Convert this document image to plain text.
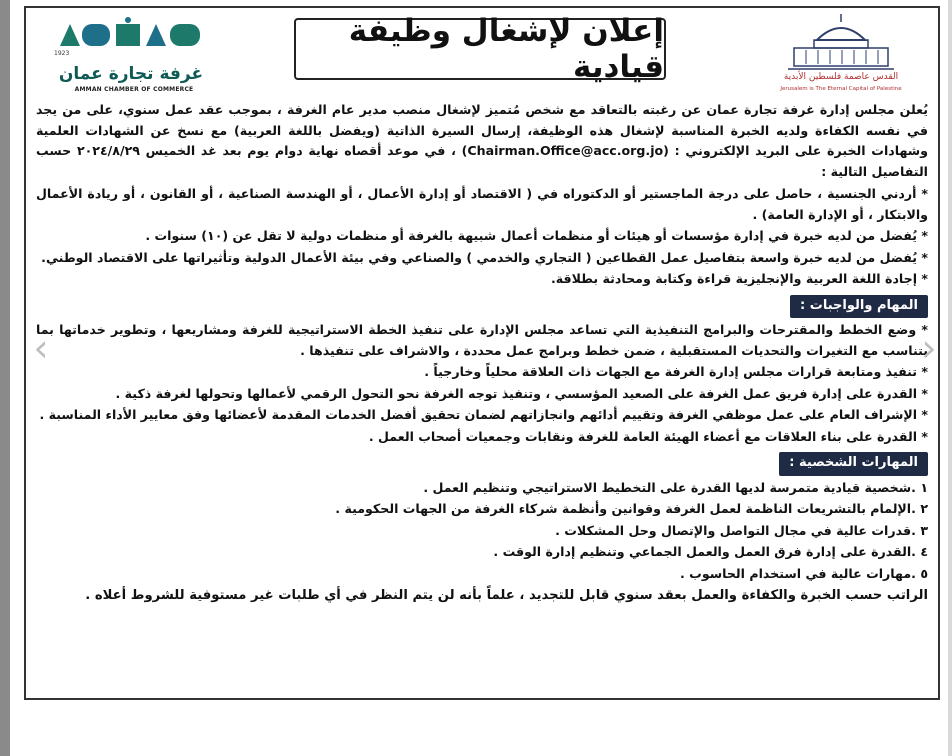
1923
غرفة تجارة عمان
AMMAN CHAMBER OF COMMERCE
إعلان لإشغال وظيفة قيادية	القدس عاصمة فلسطين الأبدية
Jerusalem is The Eternal Capital of Palestine

يُعلن مجلس إدارة غرفة تجارة عمان عن رغبته بالتعاقد مع شخص مُتميز لإشغال منصب مدير عام الغرفة ، بموجب عقد عمل سنوي، على من يجد في نفسه الكفاءة ولديه الخبرة المناسبة لإشغال هذه الوظيفة، إرسال السيرة الذاتية (ويفضل باللغة العربية) مع نسخ عن الشهادات العلمية وشهادات الخبرة على البريد الإلكتروني : (Chairman.Office@acc.org.jo) ، في موعد أقصاه نهاية دوام يوم بعد غد الخميس ٢٠٢٤/٨/٢٩ حسب التفاصيل التالية :

* أردني الجنسية ، حاصل على درجة الماجستير أو الدكتوراه في ( الاقتصاد أو إدارة الأعمال ، أو الهندسة الصناعية ، أو القانون ، أو ريادة الأعمال والابتكار ، أو الإدارة العامة) .
* يُفضل من لديه خبرة في إدارة مؤسسات أو هيئات أو منظمات أعمال شبيهة بالغرفة أو منظمات دولية لا تقل عن (١٠) سنوات .
* يُفضل من لديه خبرة واسعة بتفاصيل عمل القطاعين ( التجاري والخدمي ) والصناعي وفي بيئة الأعمال الدولية وتأثيراتها على الاقتصاد الوطني.
* إجادة اللغة العربية والإنجليزية قراءة وكتابة ومحادثة بطلاقة.
المهام والواجبات :
* وضع الخطط والمقترحات والبرامج التنفيذية التي تساعد مجلس الإدارة على تنفيذ الخطة الاستراتيجية للغرفة ومشاريعها ، وتطوير خدماتها بما يتناسب مع التغيرات والتحديات المستقبلية ، ضمن خطط وبرامج عمل محددة ، والاشراف على تنفيذها .
* تنفيذ ومتابعة قرارات مجلس إدارة الغرفة مع الجهات ذات العلاقة محلياً وخارجياً .
* القدرة على إدارة فريق عمل الغرفة على الصعيد المؤسسي ، وتنفيذ توجه الغرفة نحو التحول الرقمي لأعمالها وتحولها لغرفة ذكية .
* الإشراف العام على عمل موظفي الغرفة وتقييم أدائهم وانجازاتهم لضمان تحقيق أفضل الخدمات المقدمة لأعضائها وفق معايير الأداء المناسبة .
* القدرة على بناء العلاقات مع أعضاء الهيئة العامة للغرفة ونقابات وجمعيات أصحاب العمل .
المهارات الشخصية :
١ .شخصية قيادية متمرسة لديها القدرة على التخطيط الاستراتيجي وتنظيم العمل .
٢ .الإلمام بالتشريعات الناظمة لعمل الغرفة وقوانين وأنظمة شركاء الغرفة من الجهات الحكومية .
٣ .قدرات عالية في مجال التواصل والإتصال وحل المشكلات .
٤ .القدرة على إدارة فرق العمل والعمل الجماعي وتنظيم إدارة الوقت .
٥ .مهارات عالية في استخدام الحاسوب .

الراتب حسب الخبرة والكفاءة والعمل بعقد سنوي قابل للتجديد ، علماً بأنه لن يتم النظر في أي طلبات غير مستوفية للشروط أعلاه .

‹	›
